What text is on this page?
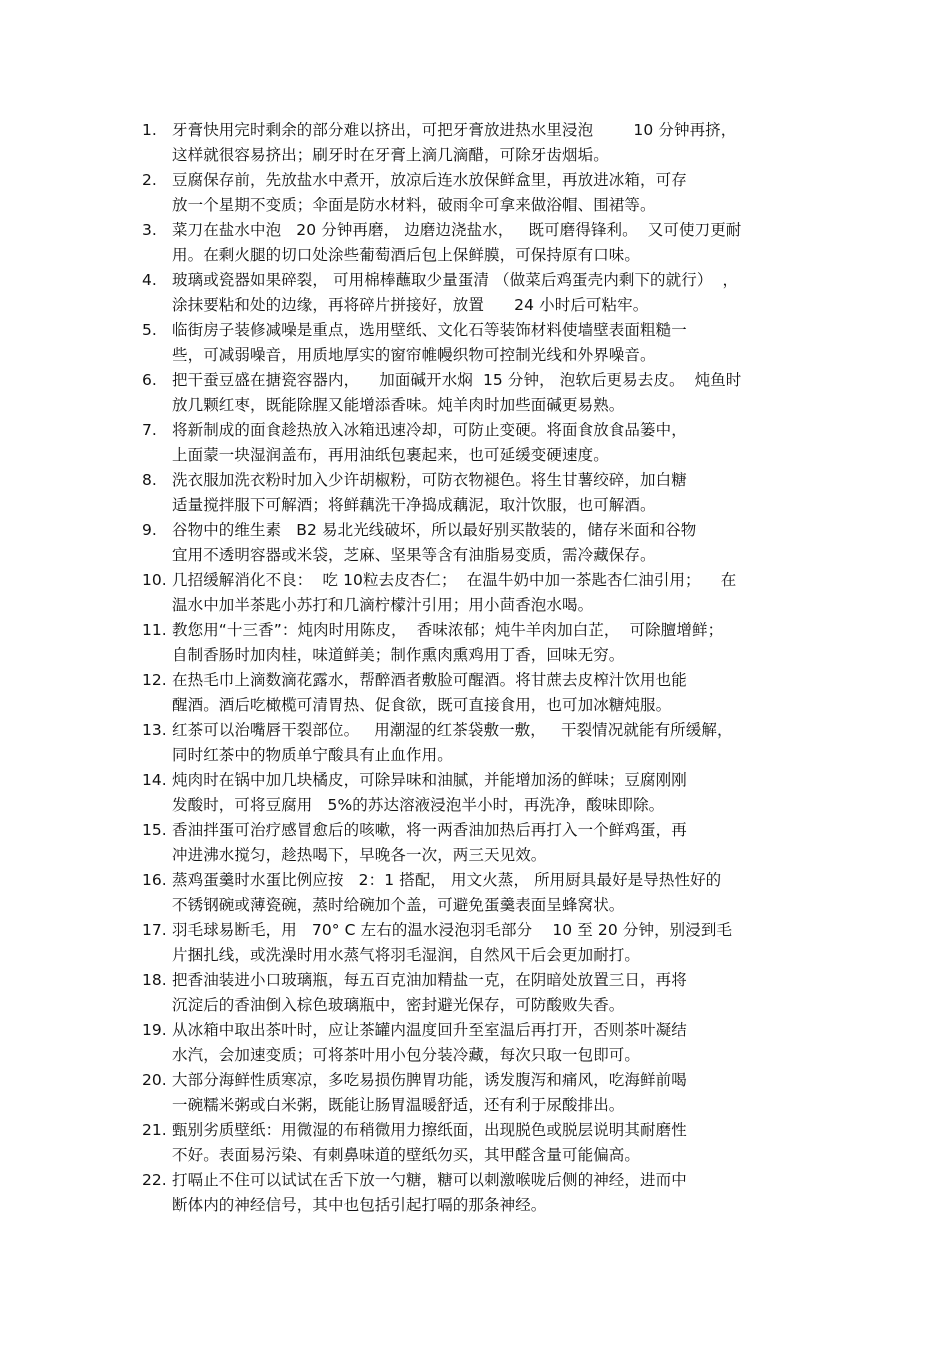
1. 牙膏快用完时剩余的部分难以挤出，可把牙膏放进热水里浸泡        10 分钟再挤，
这样就很容易挤出；刷牙时在牙膏上滴几滴醋，可除牙齿烟垢。
2. 豆腐保存前，先放盐水中煮开，放凉后连水放保鲜盒里，再放进冰箱，可存
放一个星期不变质；伞面是防水材料，破雨伞可拿来做浴帽、围裙等。
3. 菜刀在盐水中泡   20 分钟再磨， 边磨边浇盐水，   既可磨得锋利。  又可使刀更耐
用。在剩火腿的切口处涂些葡萄酒后包上保鲜膜，可保持原有口味。
4. 玻璃或瓷器如果碎裂， 可用棉棒蘸取少量蛋清 （做菜后鸡蛋壳内剩下的就行）  ，
涂抹要粘和处的边缘，再将碎片拼接好，放置      24 小时后可粘牢。
5. 临街房子装修减噪是重点，选用壁纸、文化石等装饰材料使墙壁表面粗糙一
些，可减弱噪音，用质地厚实的窗帘帷幔织物可控制光线和外界噪音。
6. 把干蚕豆盛在搪瓷容器内，    加面碱开水焖  15 分钟， 泡软后更易去皮。  炖鱼时
放几颗红枣，既能除腥又能增添香味。炖羊肉时加些面碱更易熟。
7. 将新制成的面食趁热放入冰箱迅速冷却，可防止变硬。将面食放食品篓中，
上面蒙一块湿润盖布，再用油纸包裹起来，也可延缓变硬速度。
8. 洗衣服加洗衣粉时加入少许胡椒粉，可防衣物褪色。将生甘薯绞碎，加白糖
适量搅拌服下可解酒；将鲜藕洗干净捣成藕泥，取汁饮服，也可解酒。
9. 谷物中的维生素   B2 易北光线破坏，所以最好别买散装的，储存米面和谷物
宜用不透明容器或米袋，芝麻、坚果等含有油脂易变质，需冷藏保存。
10. 几招缓解消化不良：  吃 10粒去皮杏仁；  在温牛奶中加一茶匙杏仁油引用；    在
温水中加半茶匙小苏打和几滴柠檬汁引用；用小茴香泡水喝。
11. 教您用“十三香”：炖肉时用陈皮，  香味浓郁；炖牛羊肉加白芷，  可除膻增鲜；
自制香肠时加肉桂，味道鲜美；制作熏肉熏鸡用丁香，回味无穷。
12. 在热毛巾上滴数滴花露水，帮醉酒者敷脸可醒酒。将甘蔗去皮榨汁饮用也能
醒酒。酒后吃橄榄可清胃热、促食欲，既可直接食用，也可加冰糖炖服。
13. 红茶可以治嘴唇干裂部位。   用潮湿的红茶袋敷一敷，   干裂情况就能有所缓解，
同时红茶中的物质单宁酸具有止血作用。
14. 炖肉时在锅中加几块橘皮，可除异味和油腻，并能增加汤的鲜味；豆腐刚刚
发酸时，可将豆腐用   5%的苏达溶液浸泡半小时，再洗净，酸味即除。
15. 香油拌蛋可治疗感冒愈后的咳嗽，将一两香油加热后再打入一个鲜鸡蛋，再
冲进沸水搅匀，趁热喝下，早晚各一次，两三天见效。
16. 蒸鸡蛋羹时水蛋比例应按   2：1 搭配， 用文火蒸， 所用厨具最好是导热性好的
不锈钢碗或薄瓷碗，蒸时给碗加个盖，可避免蛋羹表面呈蜂窝状。
17. 羽毛球易断毛，用   70° C 左右的温水浸泡羽毛部分    10 至 20 分钟，别浸到毛
片捆扎线，或洗澡时用水蒸气将羽毛湿润，自然风干后会更加耐打。
18. 把香油装进小口玻璃瓶，每五百克油加精盐一克，在阴暗处放置三日，再将
沉淀后的香油倒入棕色玻璃瓶中，密封避光保存，可防酸败失香。
19. 从冰箱中取出茶叶时，应让茶罐内温度回升至室温后再打开，否则茶叶凝结
水汽，会加速变质；可将茶叶用小包分装冷藏，每次只取一包即可。
20. 大部分海鲜性质寒凉，多吃易损伤脾胃功能，诱发腹泻和痛风，吃海鲜前喝
一碗糯米粥或白米粥，既能让肠胃温暖舒适，还有利于尿酸排出。
21. 甄别劣质壁纸：用微湿的布稍微用力擦纸面，出现脱色或脱层说明其耐磨性
不好。表面易污染、有刺鼻味道的壁纸勿买，其甲醛含量可能偏高。
22. 打嗝止不住可以试试在舌下放一勺糖，糖可以刺激喉咙后侧的神经，进而中
断体内的神经信号，其中也包括引起打嗝的那条神经。
